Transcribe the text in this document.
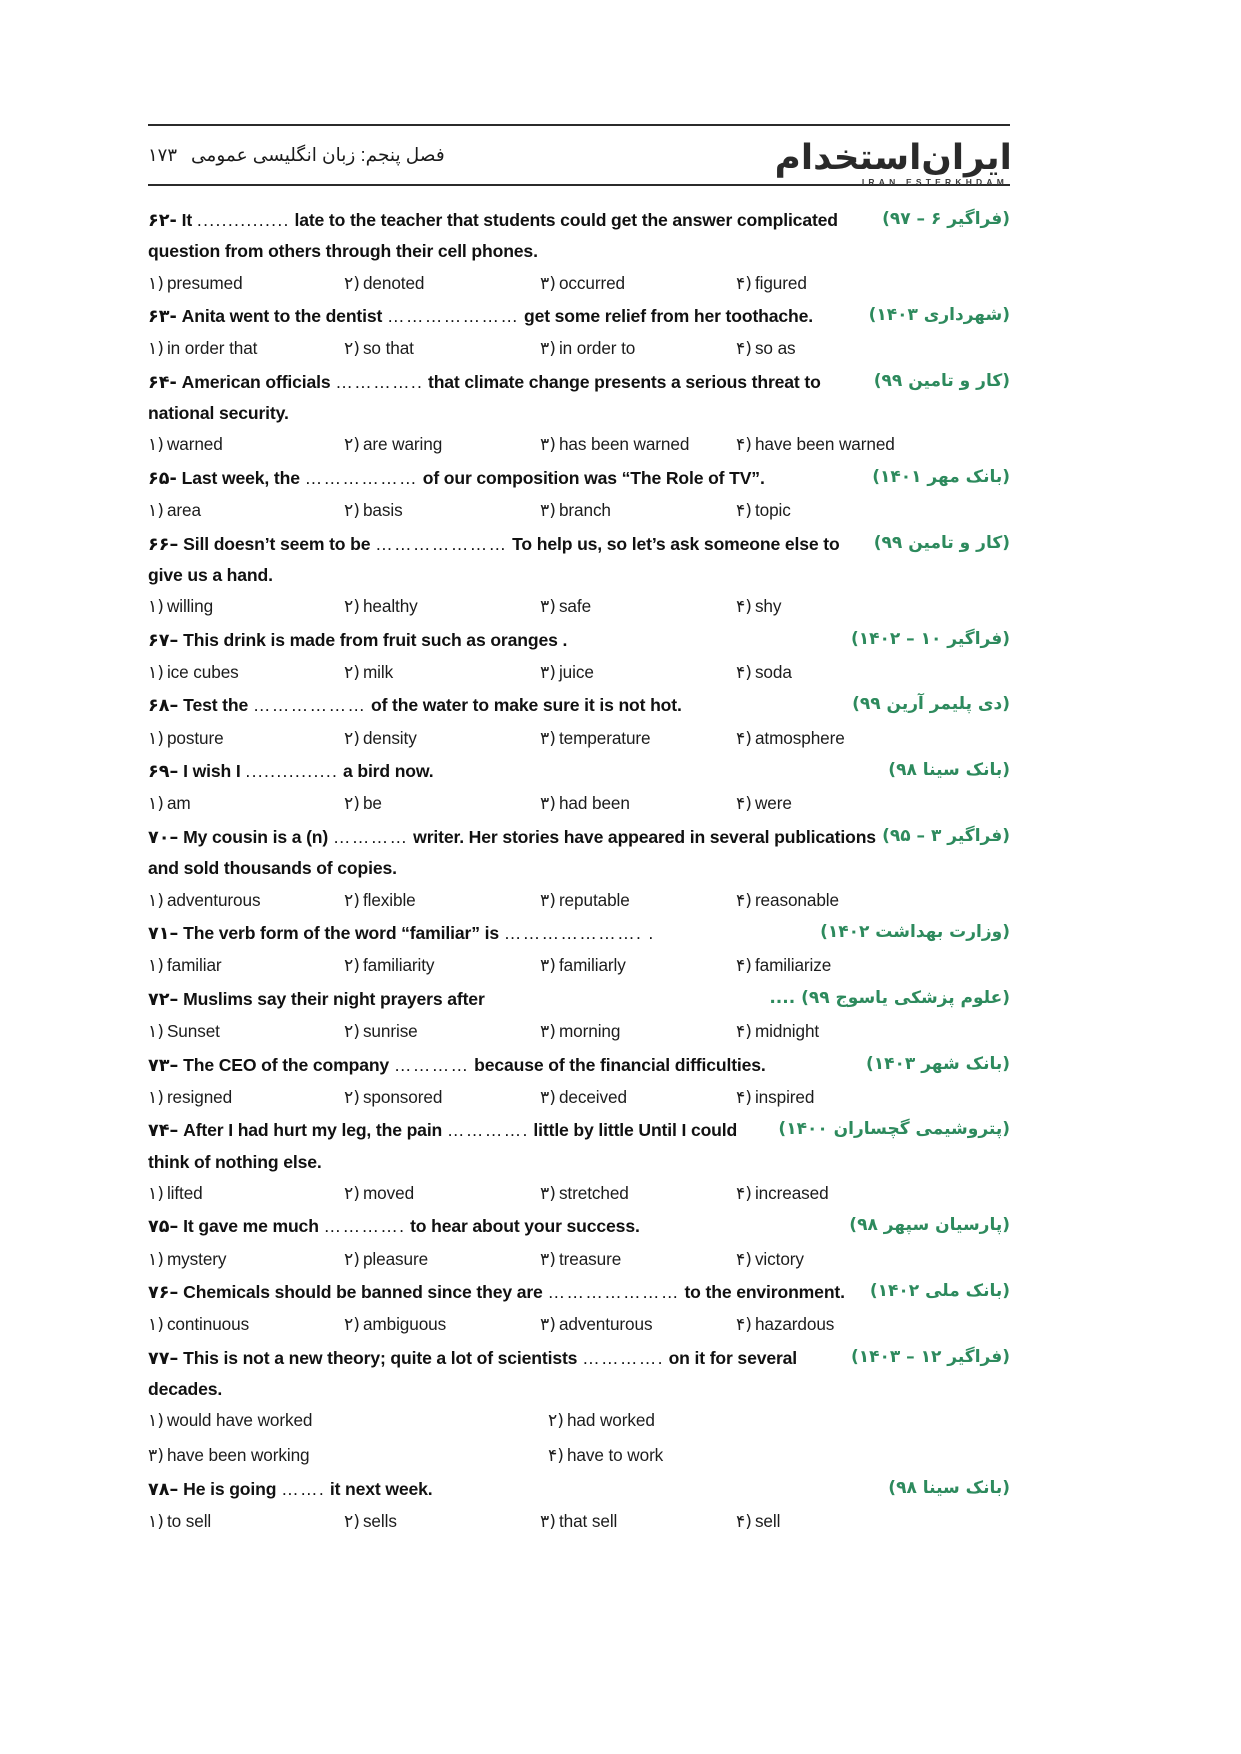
فصل پنجم: زبان انگلیسی عمومی
۱۷۳	ایران‌استخدام
IRAN ESTERKHDAM
(فراگیر ۶ – ۹۷)
۶۲- It ............... late to the teacher that students could get the answer complicated question from others through their cell phones.
۱) presumed	۲) denoted	۳) occurred	۴) figured
(شهرداری ۱۴۰۳)
۶۳- Anita went to the dentist ………………… get some relief from her toothache.
۱) in order that	۲) so that	۳) in order to	۴) so as
(کار و تامین ۹۹)
۶۴- American officials ………….. that climate change presents a serious threat to national security.
۱) warned	۲) are waring	۳) has been warned	۴) have been warned
(بانک مهر ۱۴۰۱)
۶۵- Last week, the ……………… of our composition was “The Role of TV”.
۱) area	۲) basis	۳) branch	۴) topic
(کار و تامین ۹۹)
۶۶– Sill doesn’t seem to be ………………… To help us, so let’s ask someone else to give us a hand.
۱) willing	۲) healthy	۳) safe	۴) shy
(فراگیر ۱۰ – ۱۴۰۲)
۶۷– This drink is made from fruit such as oranges .
۱) ice cubes	۲) milk	۳) juice	۴) soda
(دی پلیمر آرین ۹۹)
۶۸– Test the ……………… of the water to make sure it is not hot.
۱) posture	۲) density	۳) temperature	۴) atmosphere
(بانک سینا ۹۸)
۶۹– I wish I ............... a bird now.
۱) am	۲) be	۳) had been	۴) were
(فراگیر ۳ – ۹۵)
۷۰– My cousin is a (n) ………… writer. Her stories have appeared in several publications and sold thousands of copies.
۱) adventurous	۲) flexible	۳) reputable	۴) reasonable
(وزارت بهداشت ۱۴۰۲)
۷۱– The verb form of the word “familiar” is …………………. .
۱) familiar	۲) familiarity	۳) familiarly	۴) familiarize
(علوم پزشکی یاسوج ۹۹) ....
۷۲– Muslims say their night prayers after
۱) Sunset	۲) sunrise	۳) morning	۴) midnight
(بانک شهر ۱۴۰۳)
۷۳– The CEO of the company ………… because of the financial difficulties.
۱) resigned	۲) sponsored	۳) deceived	۴) inspired
(پتروشیمی گچساران ۱۴۰۰)
۷۴– After I had hurt my leg, the pain …………. little by little Until I could think of nothing else.
۱) lifted	۲) moved	۳) stretched	۴) increased
(پارسیان سپهر ۹۸)
۷۵– It gave me much …………. to hear about your success.
۱) mystery	۲) pleasure	۳) treasure	۴) victory
(بانک ملی ۱۴۰۲)
۷۶– Chemicals should be banned since they are ………………… to the environment.
۱) continuous	۲) ambiguous	۳) adventurous	۴) hazardous
(فراگیر ۱۲ – ۱۴۰۳)
۷۷– This is not a new theory; quite a lot of scientists …………. on it for several decades.
۱) would have worked	۲) had worked
۳) have been working	۴) have to work
(بانک سینا ۹۸)
۷۸– He is going ……. it next week.
۱) to sell	۲) sells	۳) that sell	۴) sell
